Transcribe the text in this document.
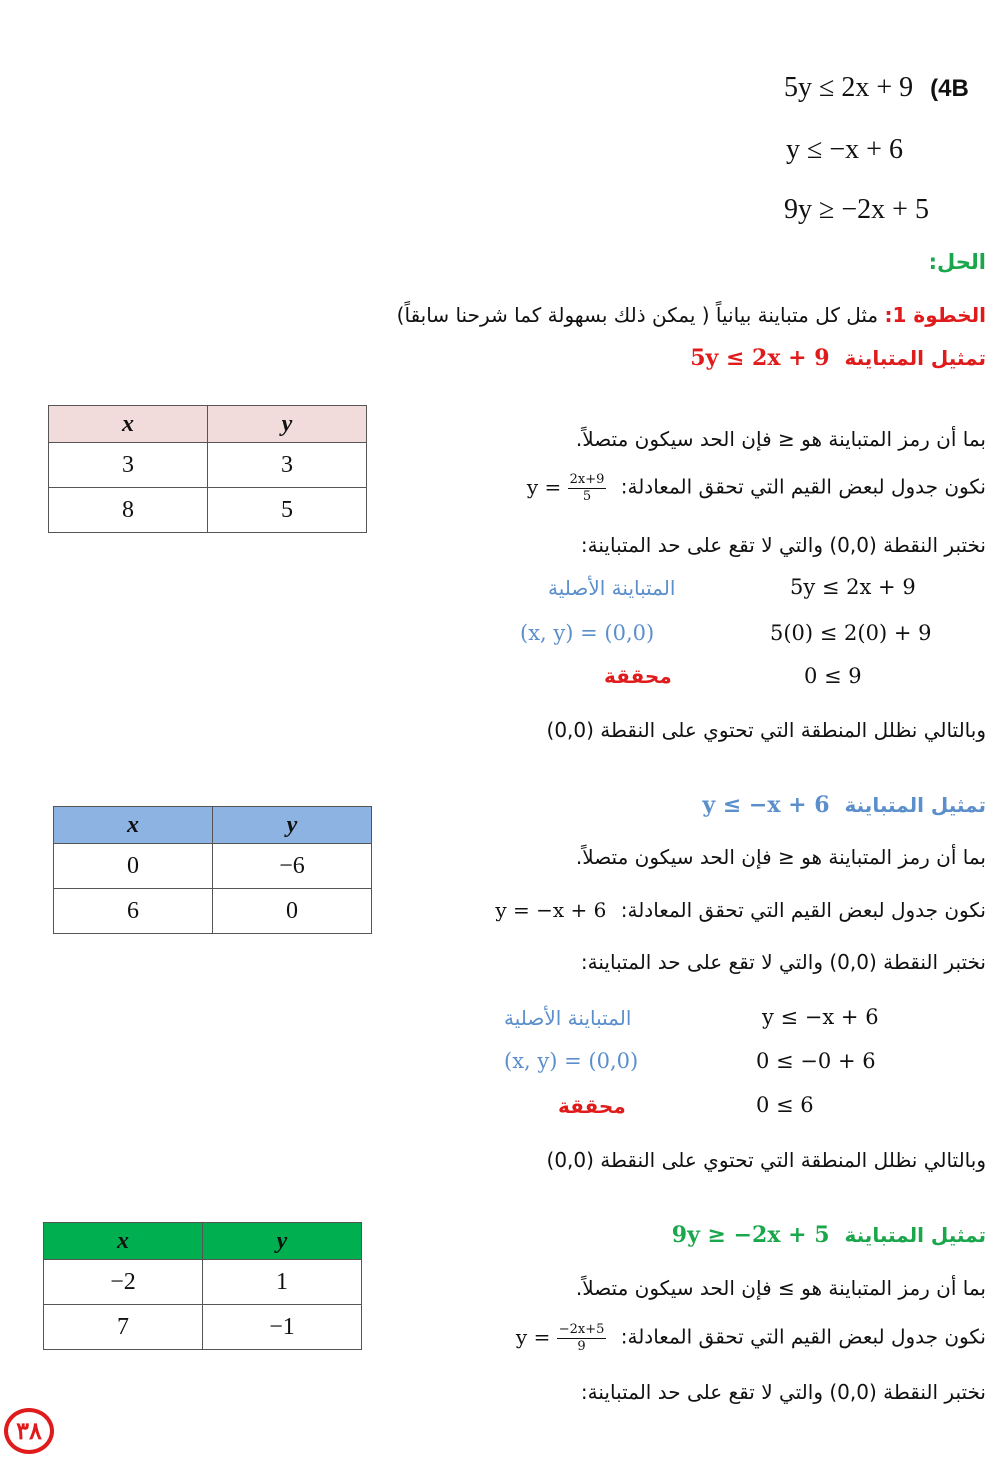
5y ≤ 2x + 9 (4B
y ≤ −x + 6
9y ≥ −2x + 5
الحل:
الخطوة 1: مثل كل متباينة بيانياً ( يمكن ذلك بسهولة كما شرحنا سابقاً)
تمثيل المتباينة 5y ≤ 2x + 9
بما أن رمز المتباينة هو ≤ فإن الحد سيكون متصلاً.
نكون جدول لبعض القيم التي تحقق المعادلة: $y = \frac{2x+9}{5}$
نختبر النقطة (0,0) والتي لا تقع على حد المتباينة:
المتباينة الأصلية	5y ≤ 2x + 9
(x, y) = (0,0)	5(0) ≤ 2(0) + 9
محققة	0 ≤ 9
وبالتالي نظلل المنطقة التي تحتوي على النقطة (0,0)
x	y
3	3
8	5
تمثيل المتباينة y ≤ −x + 6
بما أن رمز المتباينة هو ≤ فإن الحد سيكون متصلاً.
نكون جدول لبعض القيم التي تحقق المعادلة: y = −x + 6
نختبر النقطة (0,0) والتي لا تقع على حد المتباينة:
المتباينة الأصلية	y ≤ −x + 6
(x, y) = (0,0)	0 ≤ −0 + 6
محققة	0 ≤ 6
وبالتالي نظلل المنطقة التي تحتوي على النقطة (0,0)
x	y
0	−6
6	0
تمثيل المتباينة 9y ≥ −2x + 5
بما أن رمز المتباينة هو ≥ فإن الحد سيكون متصلاً.
نكون جدول لبعض القيم التي تحقق المعادلة: $y = \frac{-2x+5}{9}$
نختبر النقطة (0,0) والتي لا تقع على حد المتباينة:
x	y
−2	1
7	−1
٣٨
